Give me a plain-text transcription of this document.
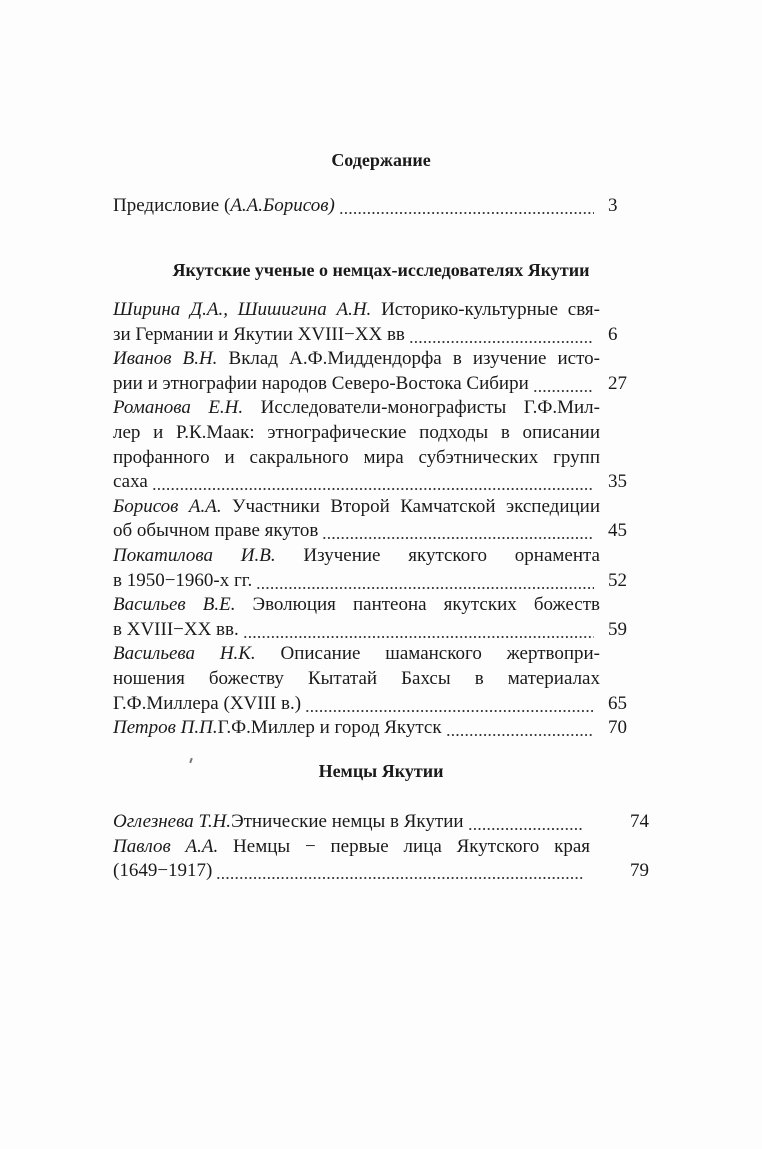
Содержание
Предисловие (А.А.Борисов)	3
Якутские ученые о немцах-исследователях Якутии
Ширина Д.А., Шишигина А.Н. Историко-культурные свя-
зи Германии и Якутии XVIII−XX вв	6
Иванов В.Н. Вклад А.Ф.Миддендорфа в изучение исто-
рии и этнографии народов Северо-Востока Сибири	27
Романова Е.Н. Исследователи-монографисты Г.Ф.Мил-
лер и Р.К.Маак: этнографические подходы в описании
профанного и сакрального мира субэтнических групп
саха	35
Борисов А.А. Участники Второй Камчатской экспедиции
об обычном праве якутов	45
Покатилова И.В. Изучение якутского орнамента
в 1950−1960-х гг.	52
Васильев В.Е. Эволюция пантеона якутских божеств
в XVIII−XX вв.	59
Васильева Н.К. Описание шаманского жертвопри-
ношения божеству Кытатай Бахсы в материалах
Г.Ф.Миллера (XVIII в.)	65
Петров П.П. Г.Ф.Миллер и город Якутск	70
Немцы Якутии
Оглезнева Т.Н. Этнические немцы в Якутии	74
Павлов А.А. Немцы − первые лица Якутского края
(1649−1917)	79
